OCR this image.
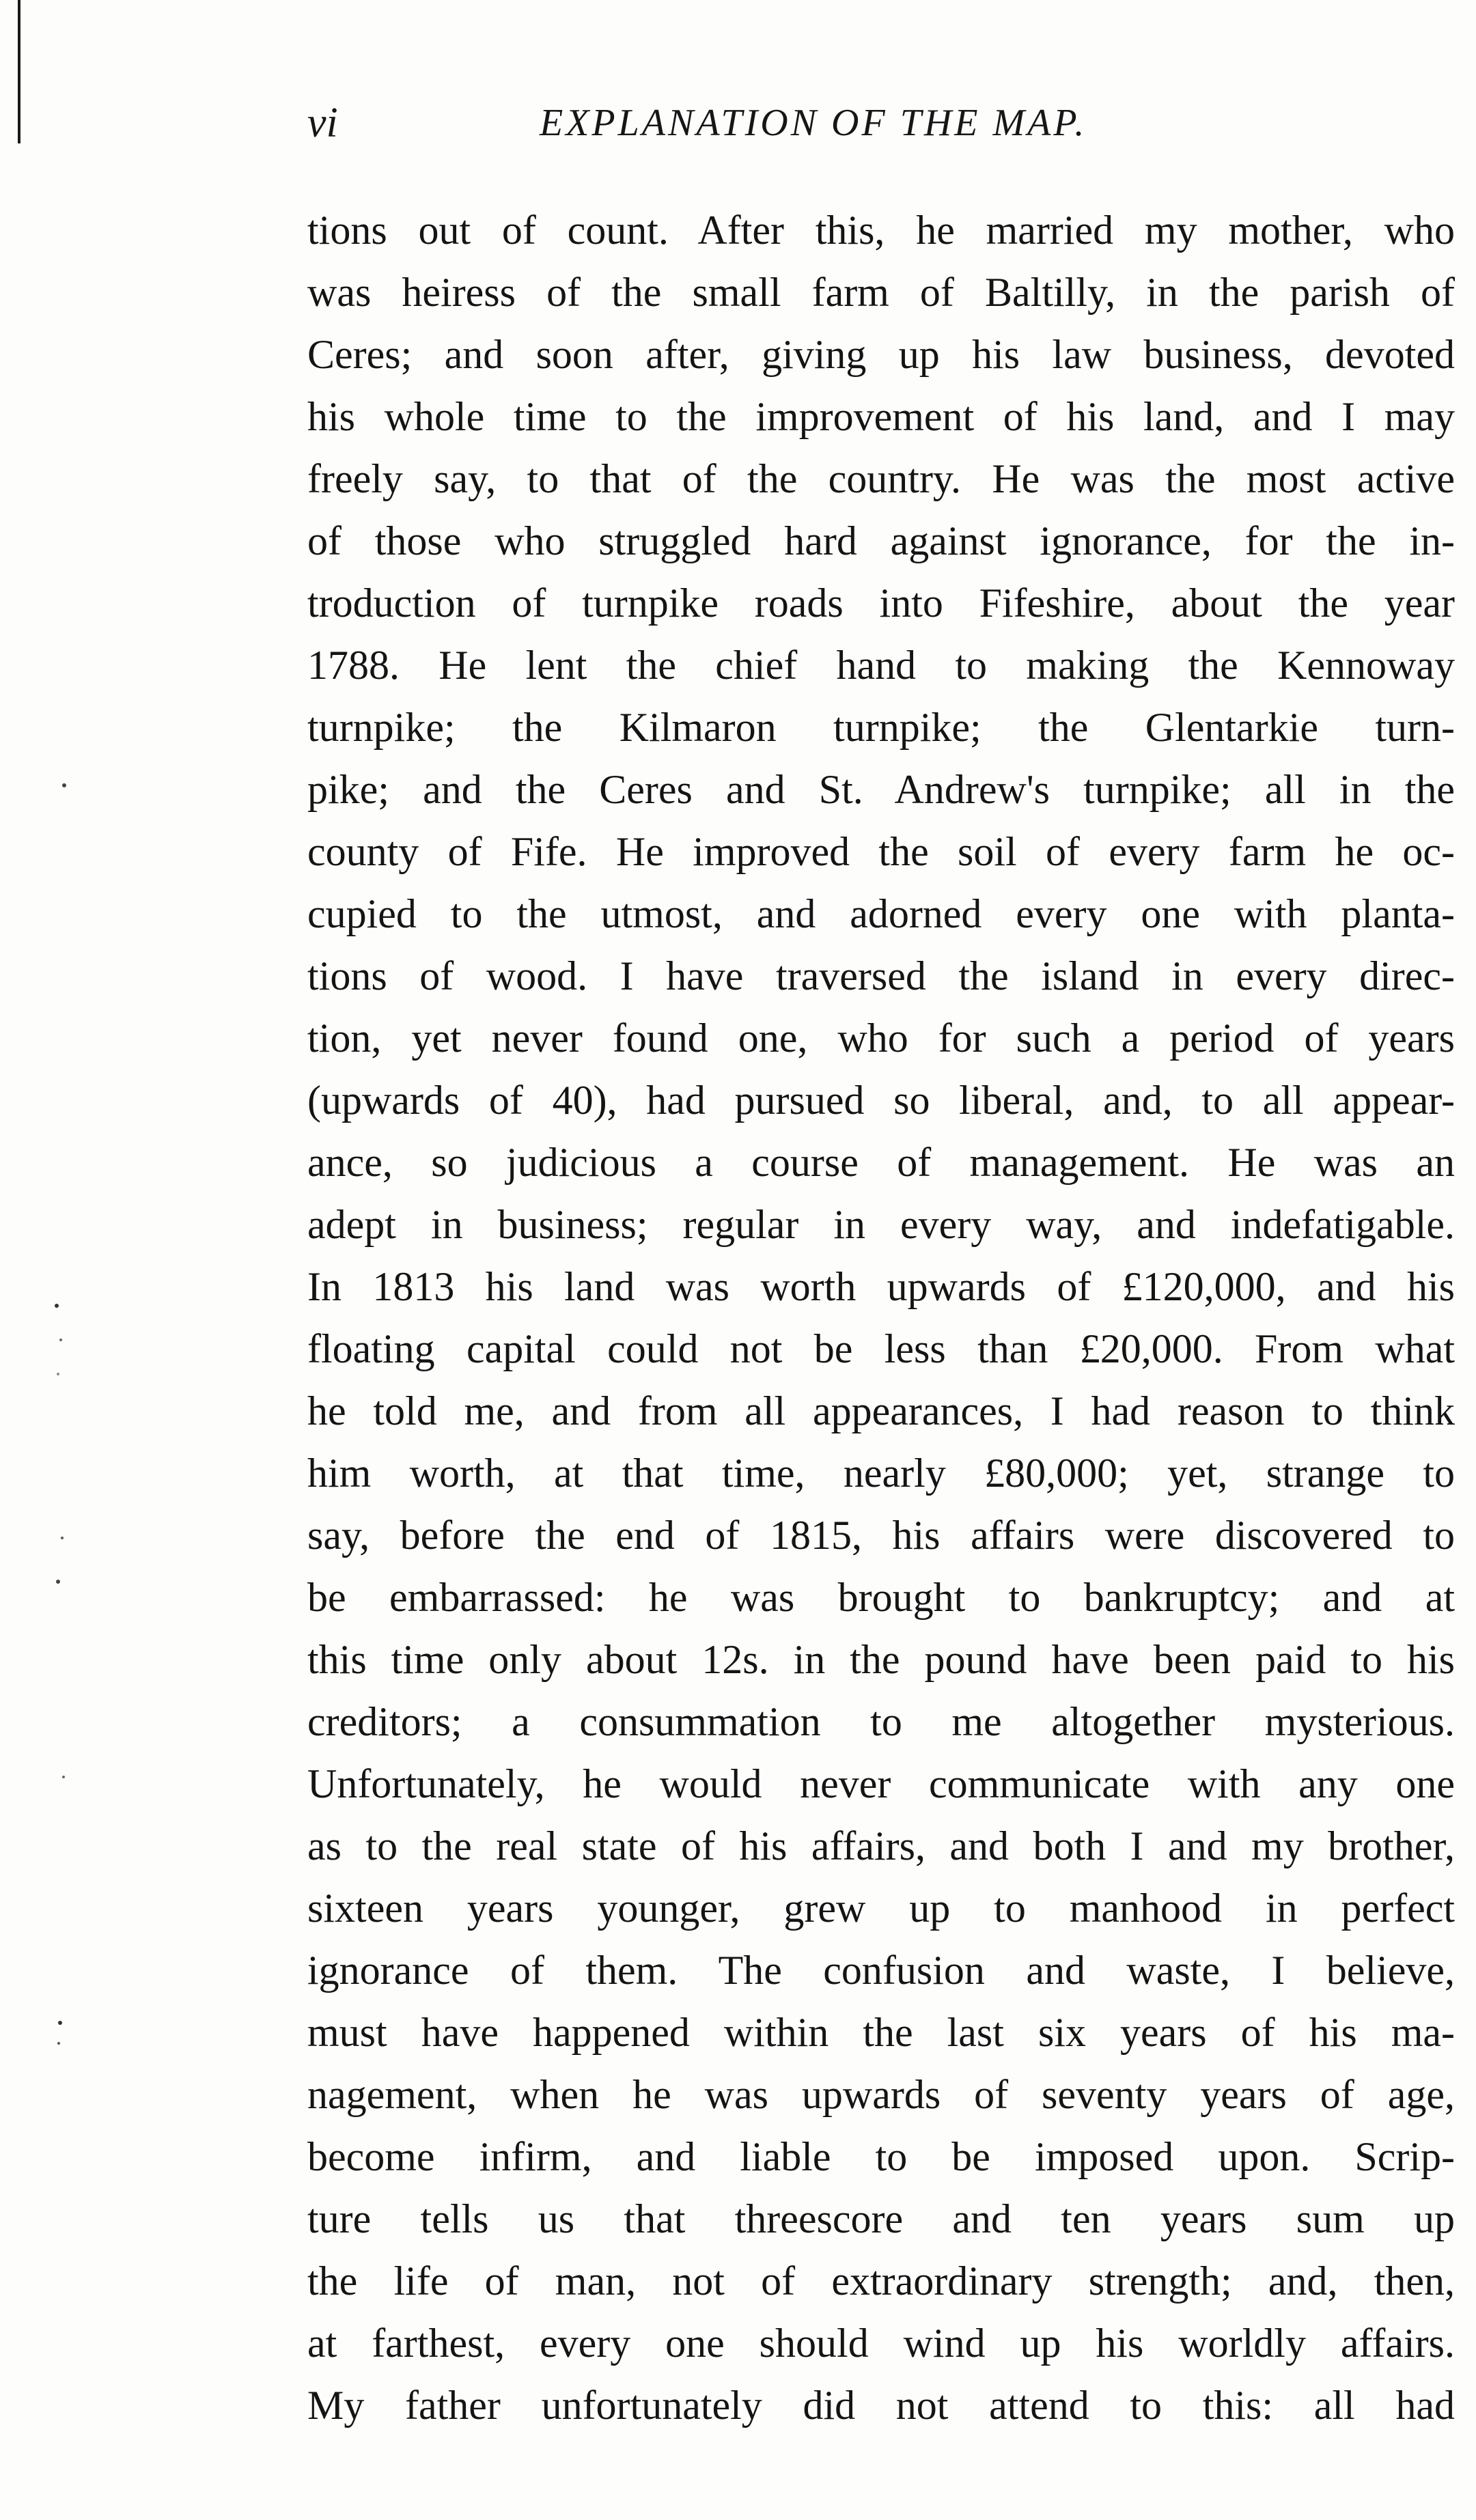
vi	EXPLANATION OF THE MAP.
tions out of count. After this, he married my mother, who
was heiress of the small farm of Baltilly, in the parish of
Ceres; and soon after, giving up his law business, devoted
his whole time to the improvement of his land, and I may
freely say, to that of the country. He was the most active
of those who struggled hard against ignorance, for the in-
troduction of turnpike roads into Fifeshire, about the year
1788. He lent the chief hand to making the Kennoway
turnpike; the Kilmaron turnpike; the Glentarkie turn-
pike; and the Ceres and St. Andrew's turnpike; all in the
county of Fife. He improved the soil of every farm he oc-
cupied to the utmost, and adorned every one with planta-
tions of wood. I have traversed the island in every direc-
tion, yet never found one, who for such a period of years
(upwards of 40), had pursued so liberal, and, to all appear-
ance, so judicious a course of management. He was an
adept in business; regular in every way, and indefatigable.
In 1813 his land was worth upwards of £120,000, and his
floating capital could not be less than £20,000. From what
he told me, and from all appearances, I had reason to think
him worth, at that time, nearly £80,000; yet, strange to
say, before the end of 1815, his affairs were discovered to
be embarrassed: he was brought to bankruptcy; and at
this time only about 12s. in the pound have been paid to his
creditors; a consummation to me altogether mysterious.
Unfortunately, he would never communicate with any one
as to the real state of his affairs, and both I and my brother,
sixteen years younger, grew up to manhood in perfect
ignorance of them. The confusion and waste, I believe,
must have happened within the last six years of his ma-
nagement, when he was upwards of seventy years of age,
become infirm, and liable to be imposed upon. Scrip-
ture tells us that threescore and ten years sum up
the life of man, not of extraordinary strength; and, then,
at farthest, every one should wind up his worldly affairs.
My father unfortunately did not attend to this: all had
